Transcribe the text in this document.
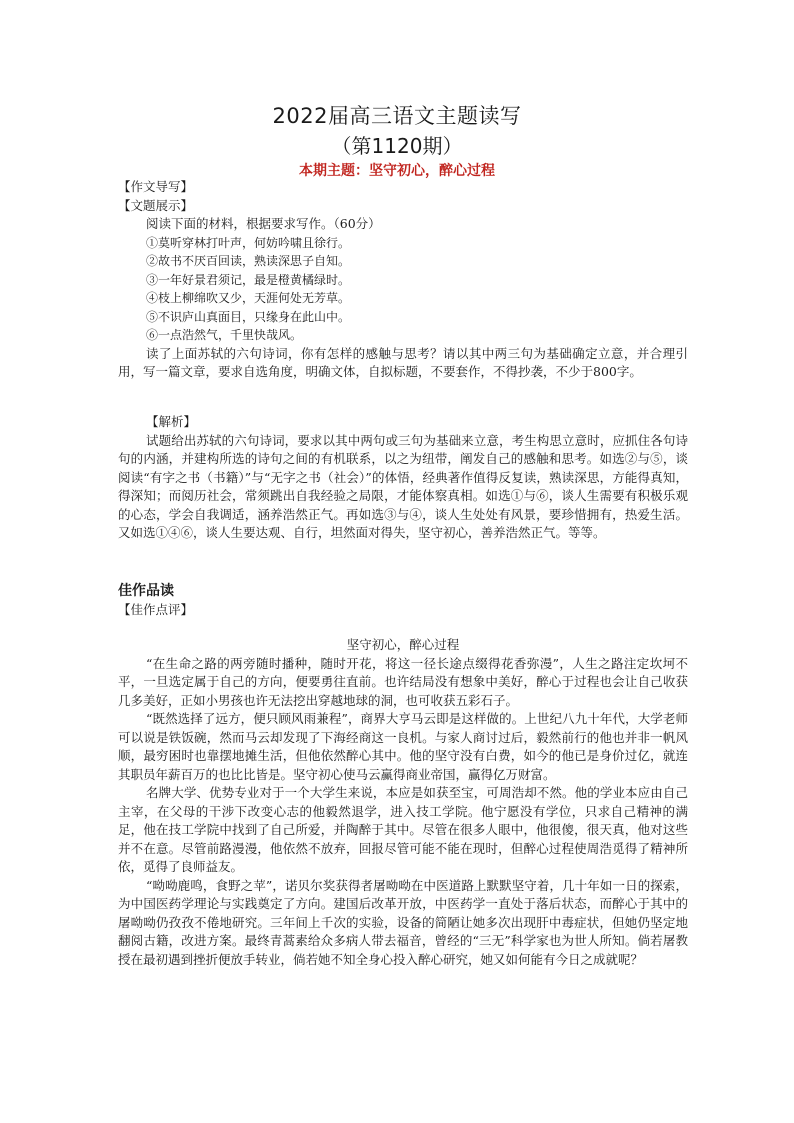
2022届高三语文主题读写
（第1120期）
本期主题：坚守初心，醉心过程
【作文导写】
【文题展示】
阅读下面的材料，根据要求写作。（60分）
①莫听穿林打叶声，何妨吟啸且徐行。
②故书不厌百回读，熟读深思子自知。
③一年好景君须记，最是橙黄橘绿时。
④枝上柳绵吹又少，天涯何处无芳草。
⑤不识庐山真面目，只缘身在此山中。
⑥一点浩然气，千里快哉风。
读了上面苏轼的六句诗词，你有怎样的感触与思考？请以其中两三句为基础确定立意，并合理引用，写一篇文章，要求自选角度，明确文体，自拟标题，不要套作，不得抄袭，不少于800字。
【解析】
试题给出苏轼的六句诗词，要求以其中两句或三句为基础来立意，考生构思立意时，应抓住各句诗句的内涵，并建构所选的诗句之间的有机联系，以之为纽带，阐发自己的感触和思考。如选②与⑤，谈阅读“有字之书（书籍）”与“无字之书（社会）”的体悟，经典著作值得反复读，熟读深思，方能得真知，得深知；而阅历社会，常须跳出自我经验之局限，才能体察真相。如选①与⑥，谈人生需要有积极乐观的心态，学会自我调适，涵养浩然正气。再如选③与④，谈人生处处有风景，要珍惜拥有，热爱生活。又如选①④⑥，谈人生要达观、自行，坦然面对得失，坚守初心，善养浩然正气。等等。
佳作品读
【佳作点评】
坚守初心，醉心过程
“在生命之路的两旁随时播种，随时开花，将这一径长途点缀得花香弥漫”，人生之路注定坎坷不平，一旦选定属于自己的方向，便要勇往直前。也许结局没有想象中美好，醉心于过程也会让自己收获几多美好，正如小男孩也许无法挖出穿越地球的洞，也可收获五彩石子。
“既然选择了远方，便只顾风雨兼程”，商界大亨马云即是这样做的。上世纪八九十年代，大学老师可以说是铁饭碗，然而马云却发现了下海经商这一良机。与家人商讨过后，毅然前行的他也并非一帆风顺，最穷困时也靠摆地摊生活，但他依然醉心其中。他的坚守没有白费，如今的他已是身价过亿，就连其职员年薪百万的也比比皆是。坚守初心使马云赢得商业帝国，赢得亿万财富。
名牌大学、优势专业对于一个大学生来说，本应是如获至宝，可周浩却不然。他的学业本应由自己主宰，在父母的干涉下改变心志的他毅然退学，进入技工学院。他宁愿没有学位，只求自己精神的满足，他在技工学院中找到了自己所爱，并陶醉于其中。尽管在很多人眼中，他很傻，很天真，他对这些并不在意。尽管前路漫漫，他依然不放弃，回报尽管可能不能在现时，但醉心过程使周浩觅得了精神所依，觅得了良师益友。
“呦呦鹿鸣，食野之苹”，诺贝尔奖获得者屠呦呦在中医道路上默默坚守着，几十年如一日的探索，为中国医药学理论与实践奠定了方向。建国后改革开放，中医药学一直处于落后状态，而醉心于其中的屠呦呦仍孜孜不倦地研究。三年间上千次的实验，设备的简陋让她多次出现肝中毒症状，但她仍坚定地翻阅古籍，改进方案。最终青蒿素给众多病人带去福音，曾经的“三无”科学家也为世人所知。倘若屠教授在最初遇到挫折便放手转业，倘若她不知全身心投入醉心研究，她又如何能有今日之成就呢？
